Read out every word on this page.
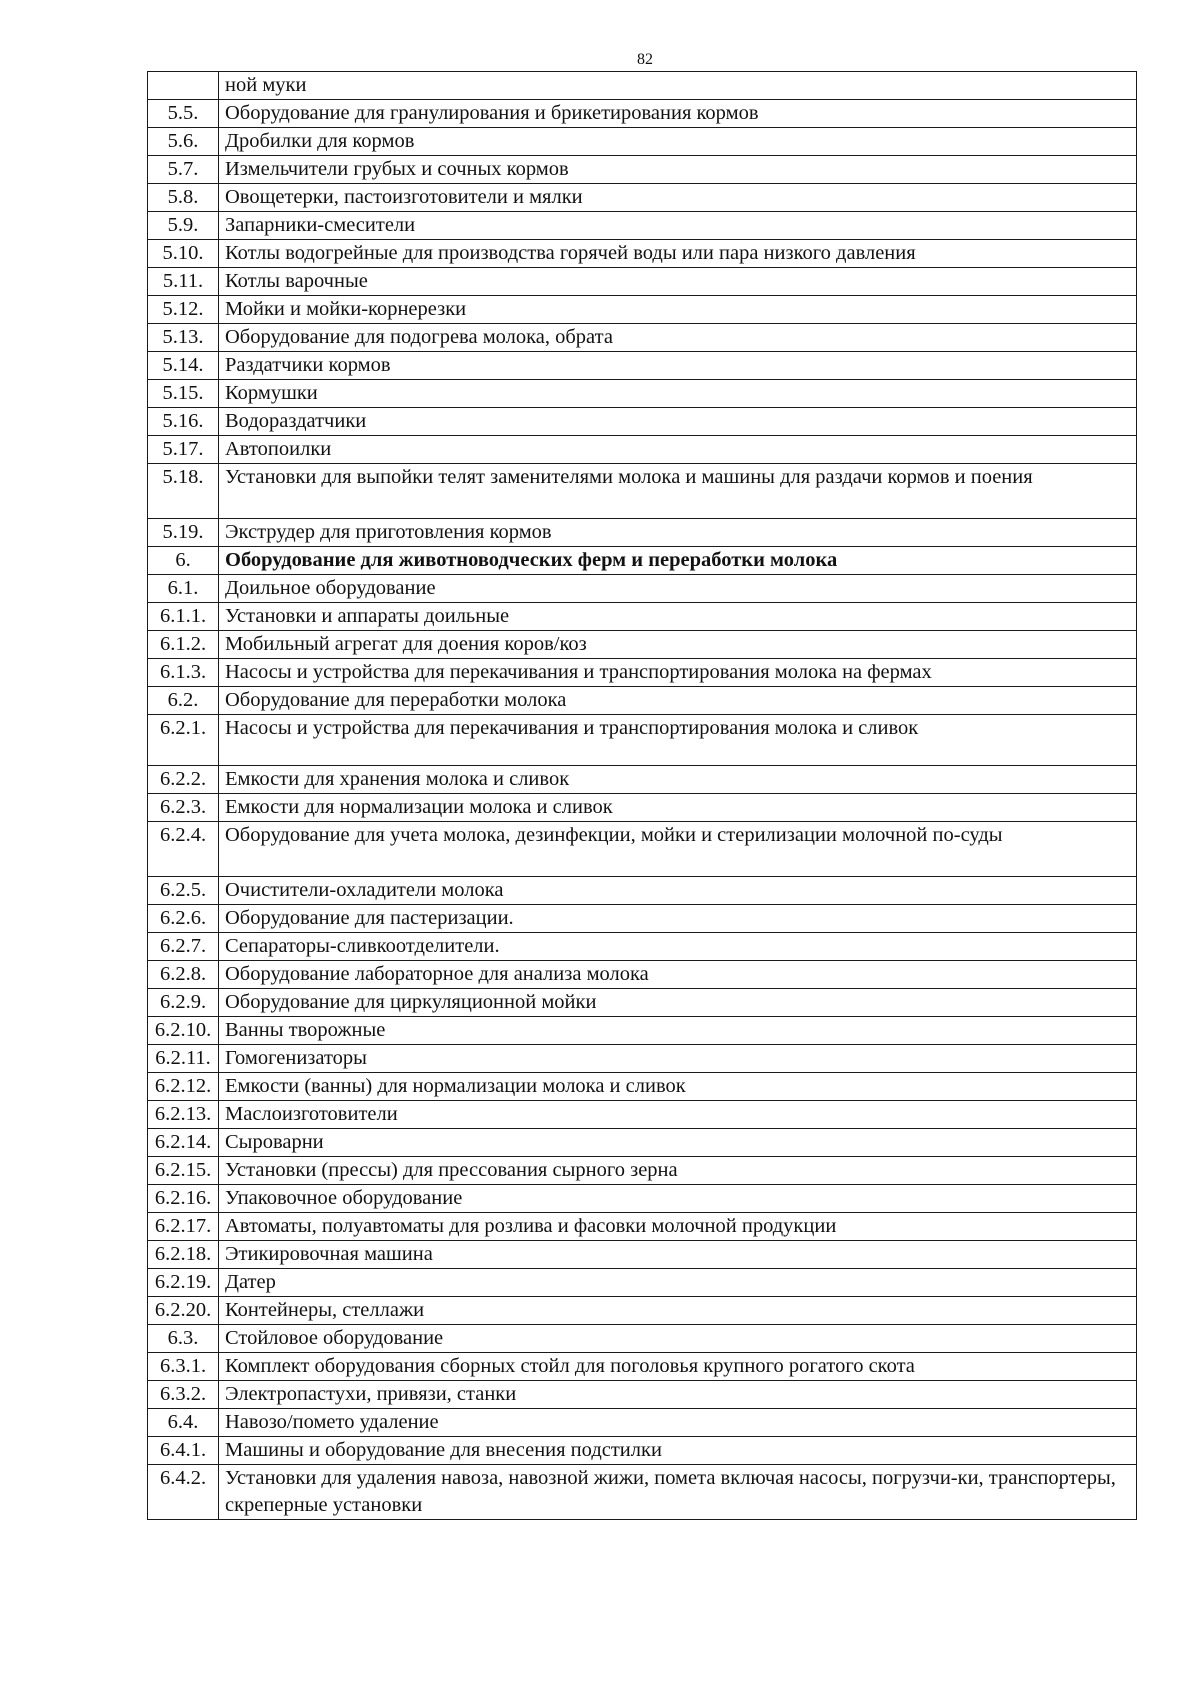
82
	ной муки
5.5.	Оборудование для гранулирования и брикетирования кормов
5.6.	Дробилки для кормов
5.7.	Измельчители грубых и сочных кормов
5.8.	Овощетерки, пастоизготовители и мялки
5.9.	Запарники-смесители
5.10.	Котлы водогрейные для производства горячей воды или пара низкого давления
5.11.	Котлы варочные
5.12.	Мойки и мойки-корнерезки
5.13.	Оборудование для подогрева молока, обрата
5.14.	Раздатчики кормов
5.15.	Кормушки
5.16.	Водораздатчики
5.17.	Автопоилки
5.18.	Установки для выпойки телят заменителями молока и машины для раздачи кормов и поения
5.19.	Экструдер для приготовления кормов
6.	Оборудование для животноводческих ферм и переработки молока
6.1.	Доильное оборудование
6.1.1.	Установки и аппараты доильные
6.1.2.	Мобильный агрегат для доения коров/коз
6.1.3.	Насосы и устройства для перекачивания и транспортирования молока на фермах
6.2.	Оборудование для переработки молока
6.2.1.	Насосы и устройства для перекачивания и транспортирования молока и сливок
6.2.2.	Емкости для хранения молока и сливок
6.2.3.	Емкости для нормализации молока и сливок
6.2.4.	Оборудование для учета молока, дезинфекции, мойки и стерилизации молочной по-суды
6.2.5.	Очистители-охладители молока
6.2.6.	Оборудование для пастеризации.
6.2.7.	Сепараторы-сливкоотделители.
6.2.8.	Оборудование лабораторное для анализа молока
6.2.9.	Оборудование для циркуляционной мойки
6.2.10.	Ванны творожные
6.2.11.	Гомогенизаторы
6.2.12.	Емкости (ванны) для нормализации молока и сливок
6.2.13.	Маслоизготовители
6.2.14.	Сыроварни
6.2.15.	Установки (прессы) для прессования сырного зерна
6.2.16.	Упаковочное оборудование
6.2.17.	Автоматы, полуавтоматы для розлива и фасовки молочной продукции
6.2.18.	Этикировочная машина
6.2.19.	Датер
6.2.20.	Контейнеры, стеллажи
6.3.	Стойловое оборудование
6.3.1.	Комплект оборудования сборных стойл для поголовья крупного рогатого скота
6.3.2.	Электропастухи, привязи, станки
6.4.	Навозо/помето удаление
6.4.1.	Машины и оборудование для внесения подстилки
6.4.2.	Установки для удаления навоза, навозной жижи, помета включая насосы, погрузчи-ки, транспортеры, скреперные установки
